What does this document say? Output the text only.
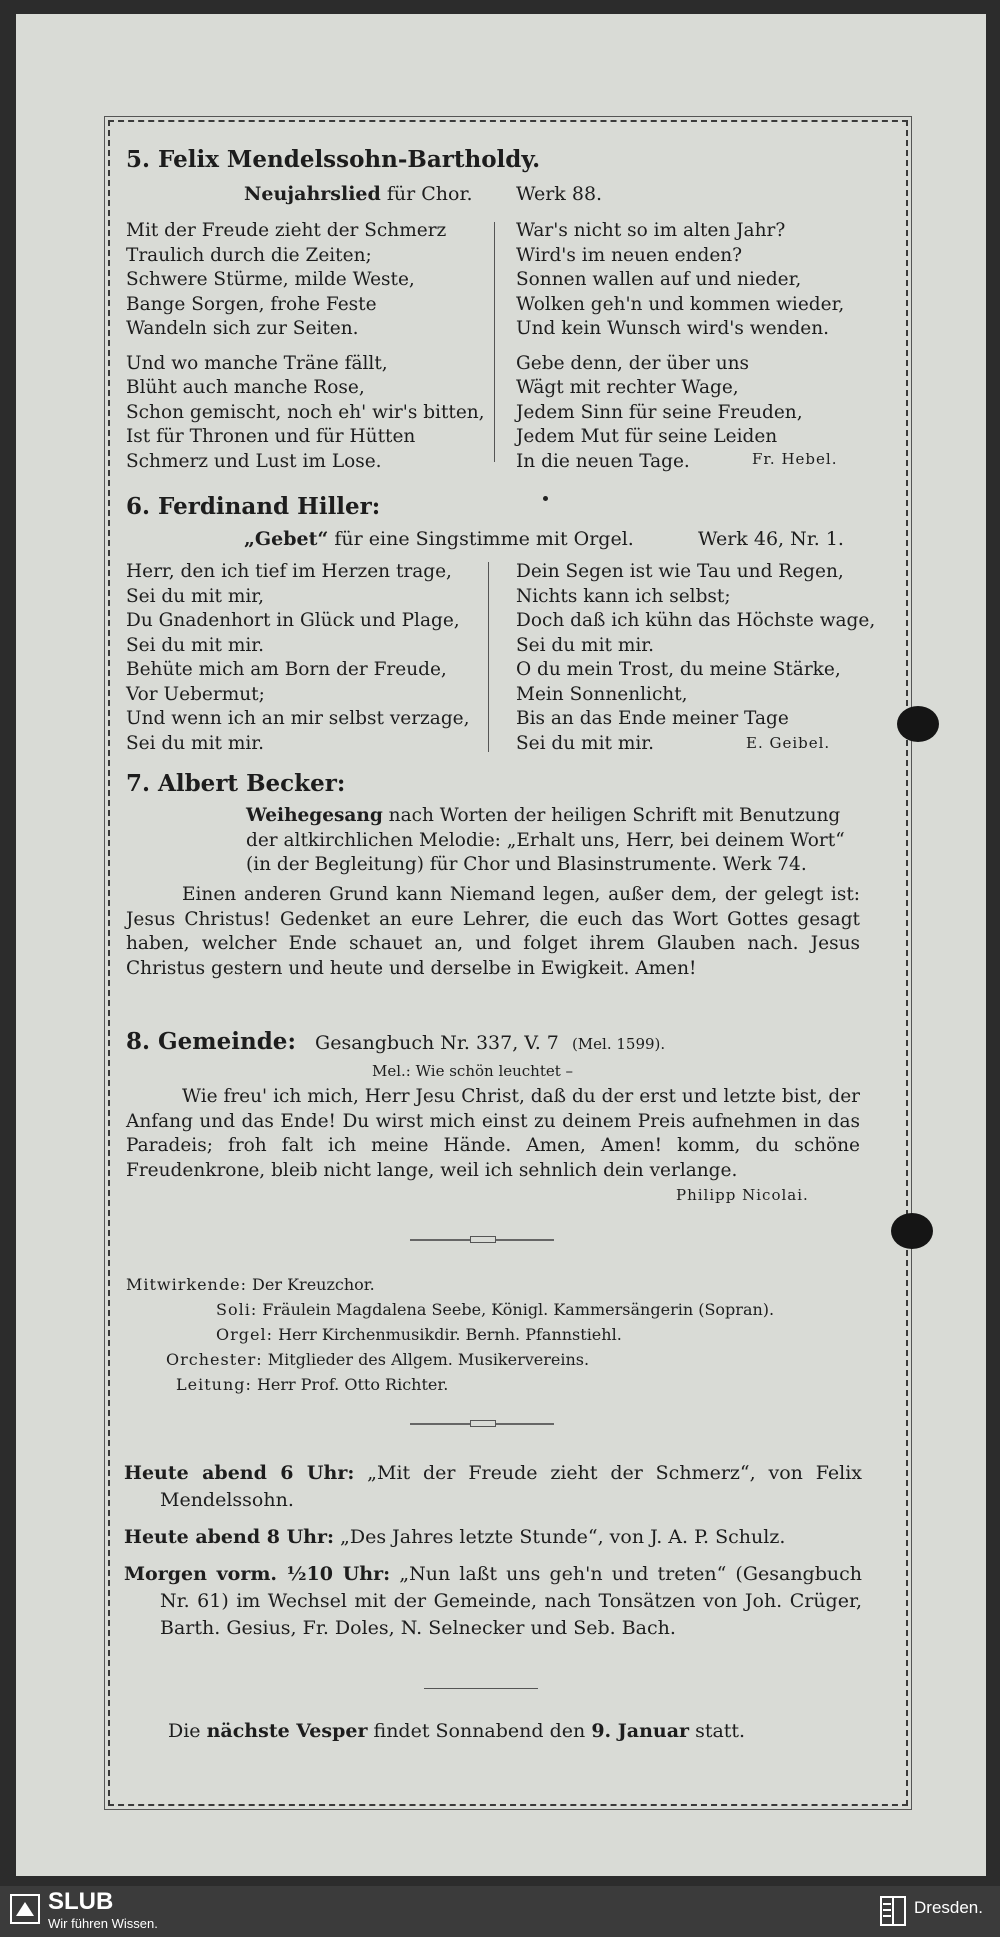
5. Felix Mendelssohn-Bartholdy.
Neujahrslied für Chor. Werk 88.
Mit der Freude zieht der Schmerz
Traulich durch die Zeiten;
Schwere Stürme, milde Weste,
Bange Sorgen, frohe Feste
Wandeln sich zur Seiten.
Und wo manche Träne fällt,
Blüht auch manche Rose,
Schon gemischt, noch eh' wir's bitten,
Ist für Thronen und für Hütten
Schmerz und Lust im Lose.
War's nicht so im alten Jahr?
Wird's im neuen enden?
Sonnen wallen auf und nieder,
Wolken geh'n und kommen wieder,
Und kein Wunsch wird's wenden.
Gebe denn, der über uns
Wägt mit rechter Wage,
Jedem Sinn für seine Freuden,
Jedem Mut für seine Leiden
In die neuen Tage.	Fr. Hebel.
6. Ferdinand Hiller:
„Gebet“ für eine Singstimme mit Orgel.	Werk 46, Nr. 1.
Herr, den ich tief im Herzen trage,
Sei du mit mir,
Du Gnadenhort in Glück und Plage,
Sei du mit mir.
Behüte mich am Born der Freude,
Vor Uebermut;
Und wenn ich an mir selbst verzage,
Sei du mit mir.
Dein Segen ist wie Tau und Regen,
Nichts kann ich selbst;
Doch daß ich kühn das Höchste wage,
Sei du mit mir.
O du mein Trost, du meine Stärke,
Mein Sonnenlicht,
Bis an das Ende meiner Tage
Sei du mit mir.	E. Geibel.
7. Albert Becker:
Weihegesang nach Worten der heiligen Schrift mit Benutzung
der altkirchlichen Melodie: „Erhalt uns, Herr, bei deinem Wort“
(in der Begleitung) für Chor und Blasinstrumente. Werk 74.
Einen anderen Grund kann Niemand legen, außer dem, der gelegt ist: Jesus Christus! Gedenket an eure Lehrer, die euch das Wort Gottes gesagt haben, welcher Ende schauet an, und folget ihrem Glauben nach. Jesus Christus gestern und heute und derselbe in Ewigkeit. Amen!
8. Gemeinde: Gesangbuch Nr. 337, V. 7 (Mel. 1599).
Mel.: Wie schön leuchtet –
Wie freu' ich mich, Herr Jesu Christ, daß du der erst und letzte bist, der Anfang und das Ende! Du wirst mich einst zu deinem Preis aufnehmen in das Paradeis; froh falt ich meine Hände. Amen, Amen! komm, du schöne Freudenkrone, bleib nicht lange, weil ich sehnlich dein verlange.
Philipp Nicolai.
Mitwirkende: Der Kreuzchor.
Soli: Fräulein Magdalena Seebe, Königl. Kammersängerin (Sopran).
Orgel: Herr Kirchenmusikdir. Bernh. Pfannstiehl.
Orchester: Mitglieder des Allgem. Musikervereins.
Leitung: Herr Prof. Otto Richter.
Heute abend 6 Uhr: „Mit der Freude zieht der Schmerz“, von Felix Mendelssohn.
Heute abend 8 Uhr: „Des Jahres letzte Stunde“, von J. A. P. Schulz.
Morgen vorm. ½10 Uhr: „Nun laßt uns geh'n und treten“ (Gesangbuch Nr. 61) im Wechsel mit der Gemeinde, nach Tonsätzen von Joh. Crüger, Barth. Gesius, Fr. Doles, N. Selnecker und Seb. Bach.
Die nächste Vesper findet Sonnabend den 9. Januar statt.
SLUB
Wir führen Wissen.
Dresden.
